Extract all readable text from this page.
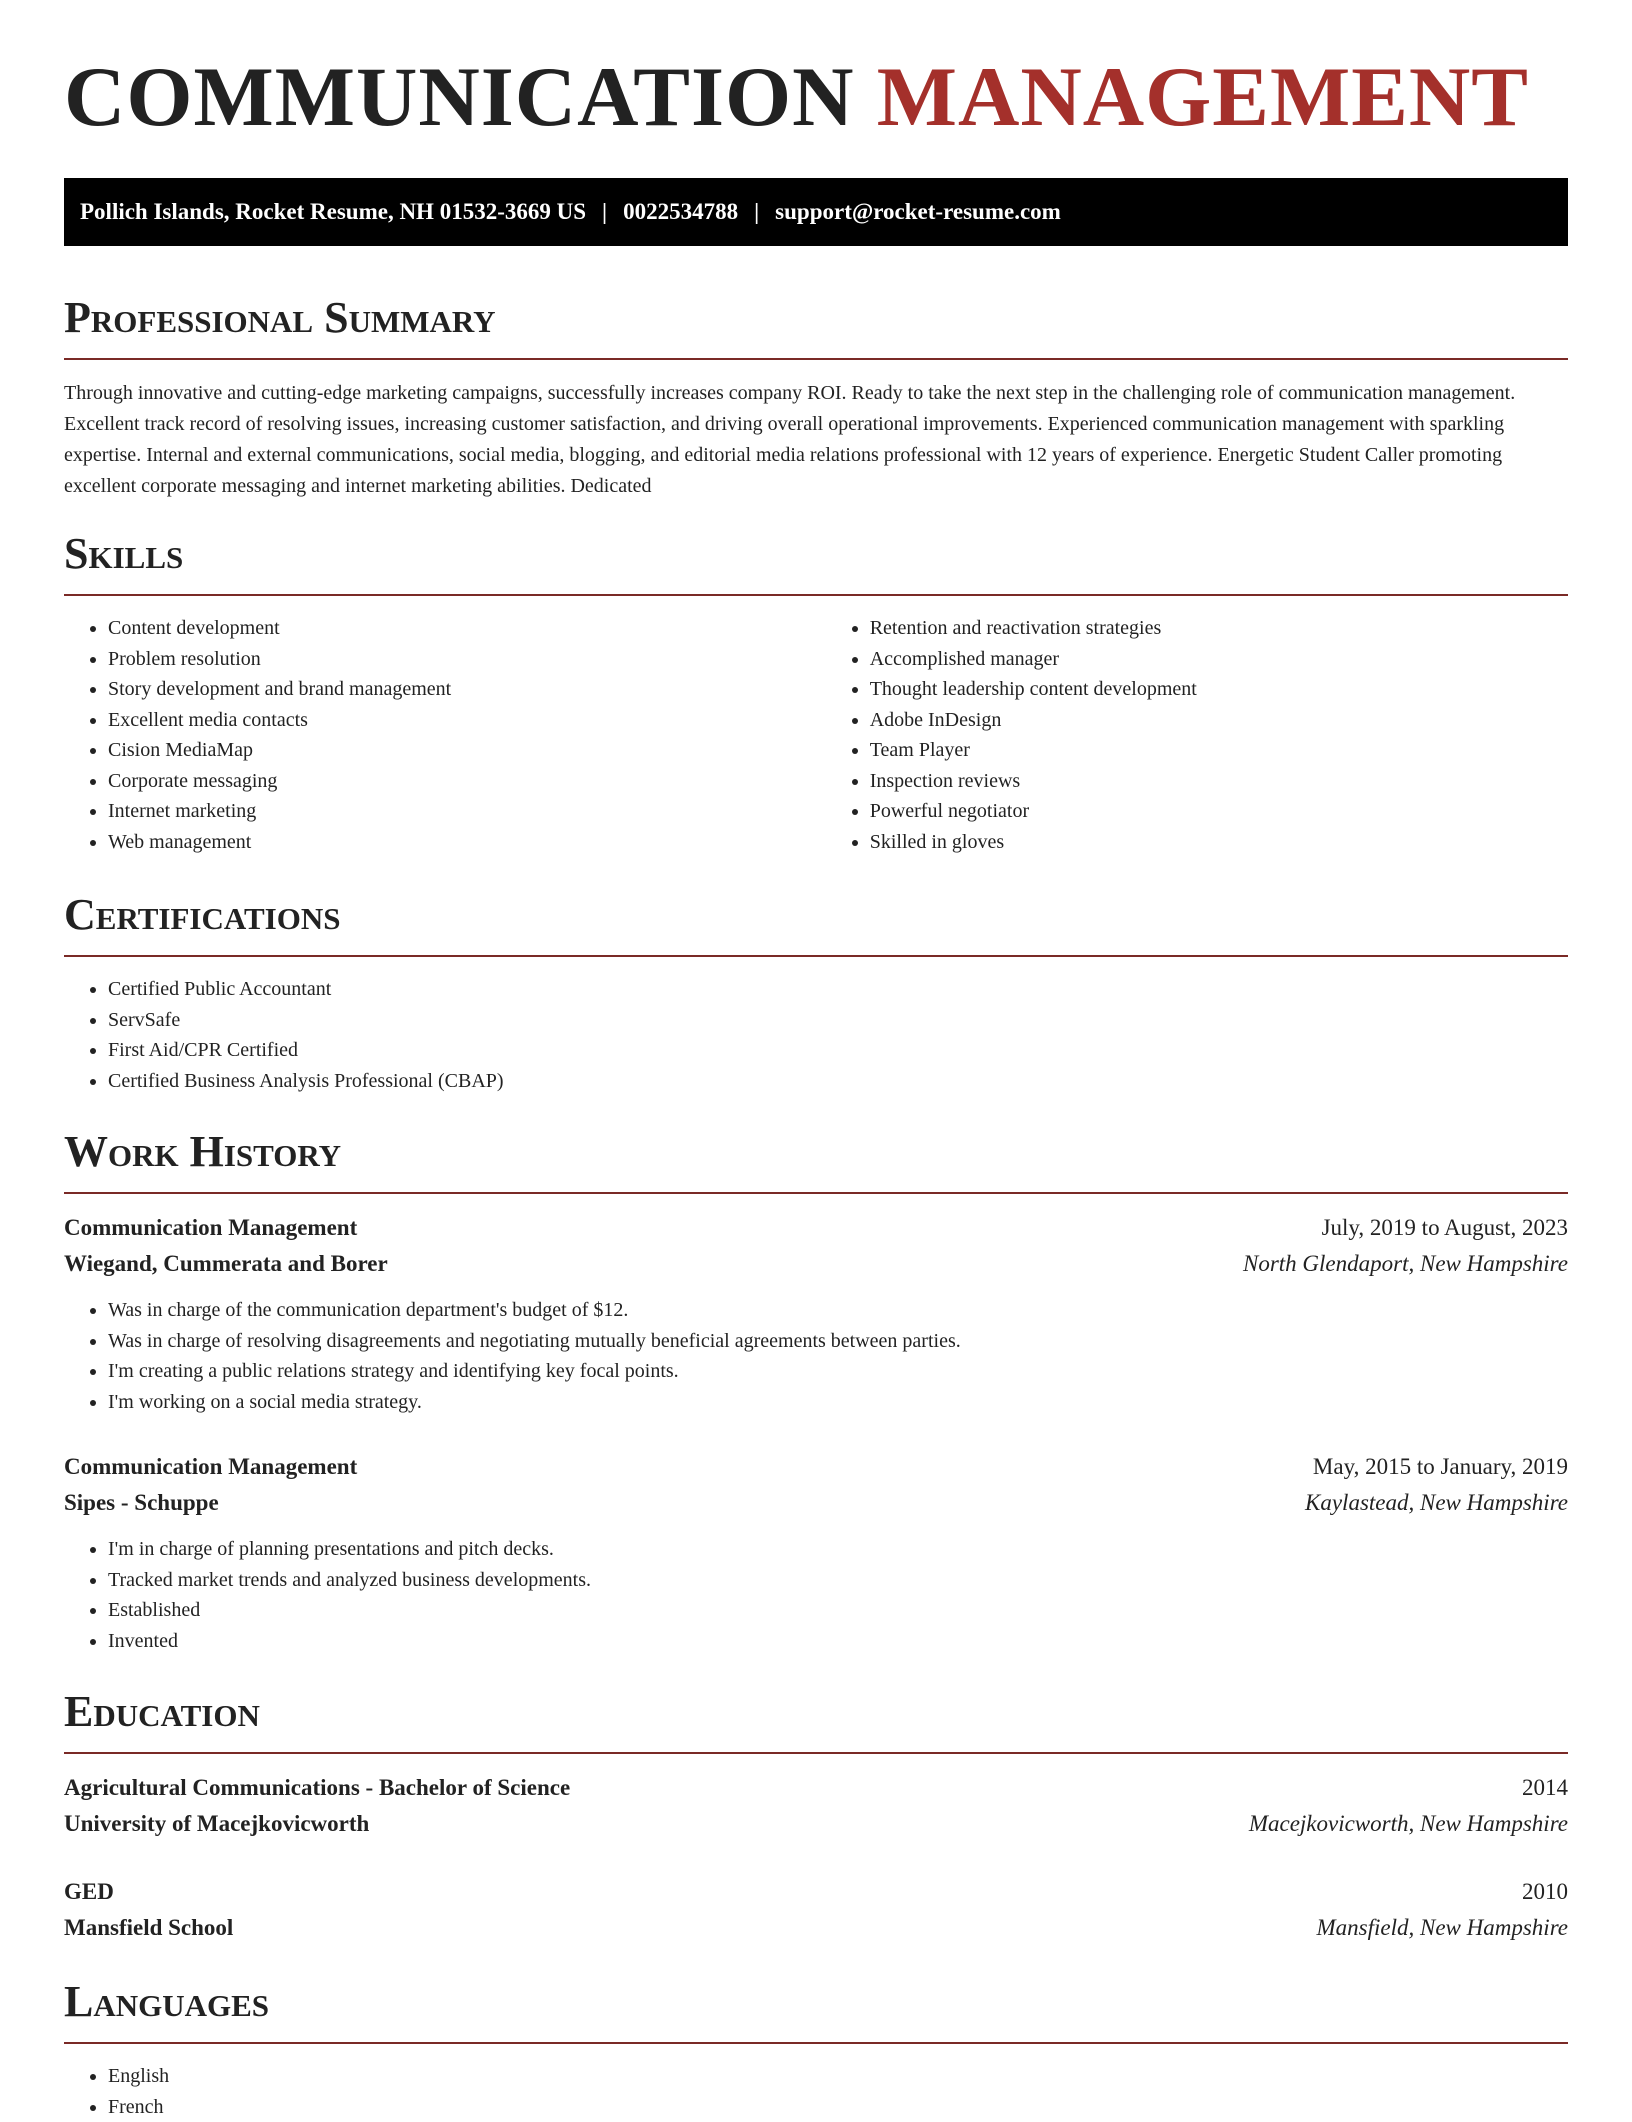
COMMUNICATION MANAGEMENT
Pollich Islands, Rocket Resume, NH 01532-3669 US | 0022534788 | support@rocket-resume.com
Professional Summary

Through innovative and cutting-edge marketing campaigns, successfully increases company ROI. Ready to take the next step in the challenging role of communication management. Excellent track record of resolving issues, increasing customer satisfaction, and driving overall operational improvements. Experienced communication management with sparkling expertise. Internal and external communications, social media, blogging, and editorial media relations professional with 12 years of experience. Energetic Student Caller promoting excellent corporate messaging and internet marketing abilities. Dedicated

Skills
• Content development
• Problem resolution
• Story development and brand management
• Excellent media contacts
• Cision MediaMap
• Corporate messaging
• Internet marketing
• Web management
• Retention and reactivation strategies
• Accomplished manager
• Thought leadership content development
• Adobe InDesign
• Team Player
• Inspection reviews
• Powerful negotiator
• Skilled in gloves
Certifications
• Certified Public Accountant
• ServSafe
• First Aid/CPR Certified
• Certified Business Analysis Professional (CBAP)
Work History
Communication Management	July, 2019 to August, 2023
Wiegand, Cummerata and Borer	North Glendaport, New Hampshire
• Was in charge of the communication department's budget of $12.
• Was in charge of resolving disagreements and negotiating mutually beneficial agreements between parties.
• I'm creating a public relations strategy and identifying key focal points.
• I'm working on a social media strategy.
Communication Management	May, 2015 to January, 2019
Sipes - Schuppe	Kaylastead, New Hampshire
• I'm in charge of planning presentations and pitch decks.
• Tracked market trends and analyzed business developments.
• Established
• Invented
Education
Agricultural Communications - Bachelor of Science	2014
University of Macejkovicworth	Macejkovicworth, New Hampshire
GED	2010
Mansfield School	Mansfield, New Hampshire
Languages
• English
• French
